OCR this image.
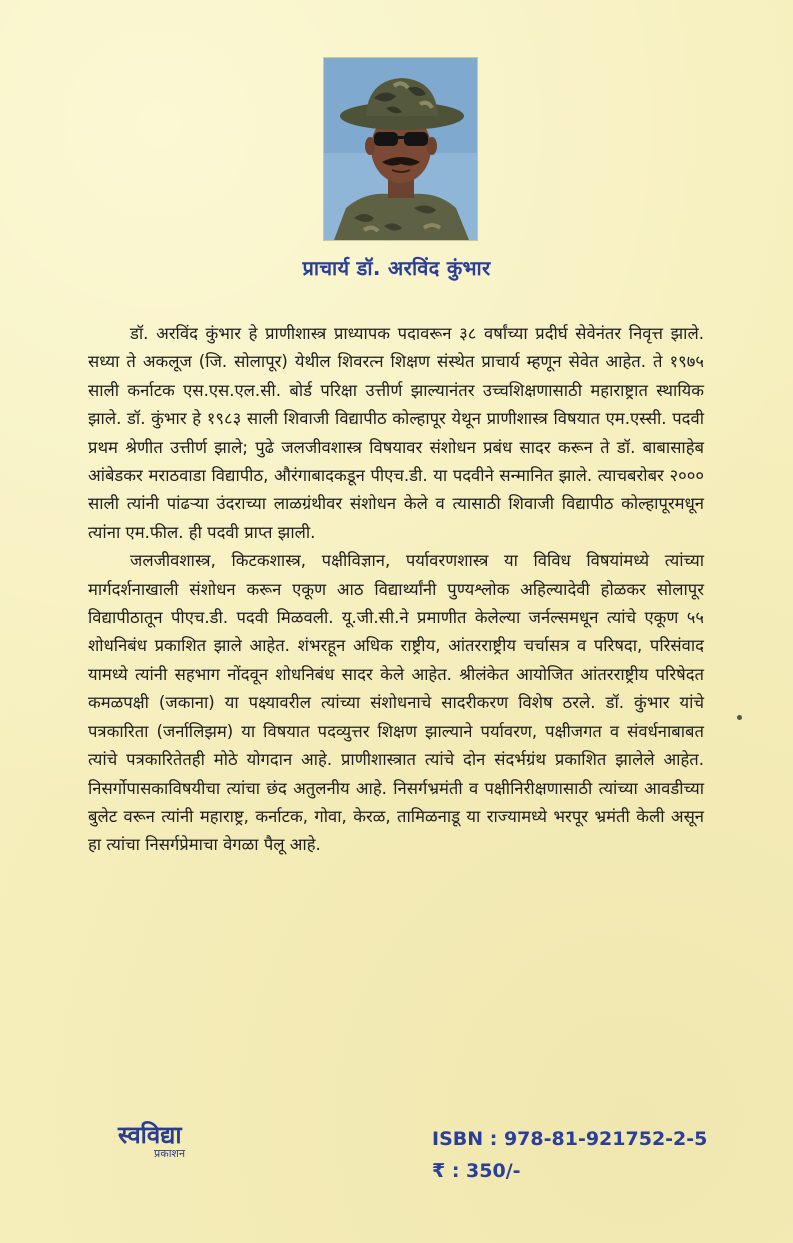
प्राचार्य डॉ. अरविंद कुंभार

डॉ. अरविंद कुंभार हे प्राणीशास्त्र प्राध्यापक पदावरून ३८ वर्षांच्या प्रदीर्घ सेवेनंतर निवृत्त झाले. सध्या ते अकलूज (जि. सोलापूर) येथील शिवरत्न शिक्षण संस्थेत प्राचार्य म्हणून सेवेत आहेत. ते १९७५ साली कर्नाटक एस.एस.एल.सी. बोर्ड परिक्षा उत्तीर्ण झाल्यानंतर उच्चशिक्षणासाठी महाराष्ट्रात स्थायिक झाले. डॉ. कुंभार हे १९८३ साली शिवाजी विद्यापीठ कोल्हापूर येथून प्राणीशास्त्र विषयात एम.एस्सी. पदवी प्रथम श्रेणीत उत्तीर्ण झाले; पुढे जलजीवशास्त्र विषयावर संशोधन प्रबंध सादर करून ते डॉ. बाबासाहेब आंबेडकर मराठवाडा विद्यापीठ, औरंगाबादकडून पीएच.डी. या पदवीने सन्मानित झाले. त्याचबरोबर २००० साली त्यांनी पांढऱ्या उंदराच्या लाळग्रंथीवर संशोधन केले व त्यासाठी शिवाजी विद्यापीठ कोल्हापूरमधून त्यांना एम.फील. ही पदवी प्राप्त झाली.

जलजीवशास्त्र, किटकशास्त्र, पक्षीविज्ञान, पर्यावरणशास्त्र या विविध विषयांमध्ये त्यांच्या मार्गदर्शनाखाली संशोधन करून एकूण आठ विद्यार्थ्यांनी पुण्यश्लोक अहिल्यादेवी होळकर सोलापूर विद्यापीठातून पीएच.डी. पदवी मिळवली. यू.जी.सी.ने प्रमाणीत केलेल्या जर्नल्समधून त्यांचे एकूण ५५ शोधनिबंध प्रकाशित झाले आहेत. शंभरहून अधिक राष्ट्रीय, आंतरराष्ट्रीय चर्चासत्र व परिषदा, परिसंवाद यामध्ये त्यांनी सहभाग नोंदवून शोधनिबंध सादर केले आहेत. श्रीलंकेत आयोजित आंतरराष्ट्रीय परिषेदत कमळपक्षी (जकाना) या पक्ष्यावरील त्यांच्या संशोधनाचे सादरीकरण विशेष ठरले. डॉ. कुंभार यांचे पत्रकारिता (जर्नालिझम) या विषयात पदव्युत्तर शिक्षण झाल्याने पर्यावरण, पक्षीजगत व संवर्धनाबाबत त्यांचे पत्रकारितेतही मोठे योगदान आहे. प्राणीशास्त्रात त्यांचे दोन संदर्भग्रंथ प्रकाशित झालेले आहेत. निसर्गोपासकाविषयीचा त्यांचा छंद अतुलनीय आहे. निसर्गभ्रमंती व पक्षीनिरीक्षणासाठी त्यांच्या आवडीच्या बुलेट वरून त्यांनी महाराष्ट्र, कर्नाटक, गोवा, केरळ, तामिळनाडू या राज्यामध्ये भरपूर भ्रमंती केली असून हा त्यांचा निसर्गप्रेमाचा वेगळा पैलू आहे.

स्वविद्या
प्रकाशन
ISBN : 978-81-921752-2-5
₹ : 350/-
